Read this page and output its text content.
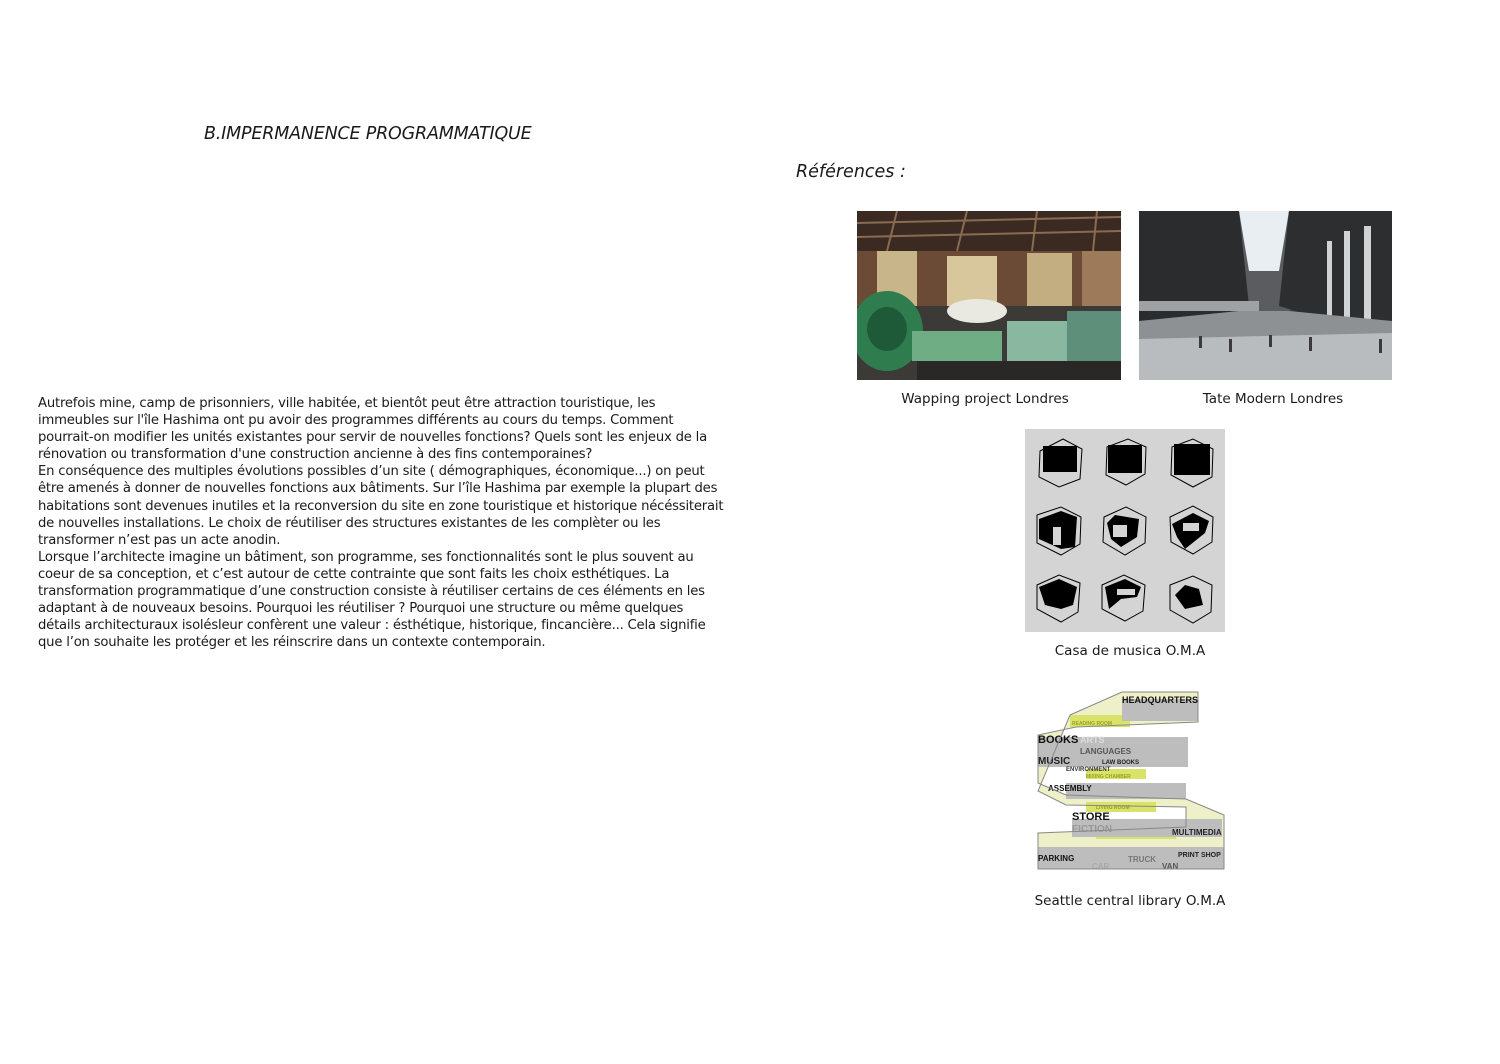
B.IMPERMANENCE PROGRAMMATIQUE
Références :

Autrefois mine, camp de prisonniers, ville habitée, et bientôt peut être attraction touristique, les immeubles sur l'île Hashima ont pu avoir des programmes différents au cours du temps. Comment pourrait-on modifier les unités existantes pour servir de nouvelles fonctions? Quels sont les enjeux de la rénovation ou transformation d'une construction ancienne à des fins contemporaines?

En conséquence des multiples évolutions possibles d’un site ( démographiques, économique...) on peut être amenés à donner de nouvelles fonctions aux bâtiments. Sur l’île Hashima par exemple la plupart des habitations sont devenues inutiles et la reconversion du site en zone touristique et historique nécéssiterait de nouvelles installations. Le choix de réutiliser des structures existantes de les complèter ou les transformer n’est pas un acte anodin.

Lorsque l’architecte imagine un bâtiment, son programme, ses fonctionnalités sont le plus souvent au coeur de sa conception, et c’est autour de cette contrainte que sont faits les choix esthétiques. La transformation programmatique d’une construction consiste à réutiliser certains de ces éléments en les adaptant à de nouveaux besoins. Pourquoi les réutiliser ? Pourquoi une structure ou même quelques détails architecturaux isolésleur confèrent une valeur : ésthétique, historique, fincancière... Cela signifie que l’on souhaite les protéger et les réinscrire dans un contexte contemporain.

Wapping project Londres	Tate Modern Londres
Casa de musica O.M.A
HEADQUARTERS
READING ROOM
BOOKS ARTS
LANGUAGES
MUSIC	LAW BOOKS
ENVIRONMENT
MIXING CHAMBER
ASSEMBLY
LIVING ROOM
STORE
FICTION	MULTIMEDIA
PRINT SHOP
PARKING	TRUCK
CAR	VAN
Seattle central library O.M.A
